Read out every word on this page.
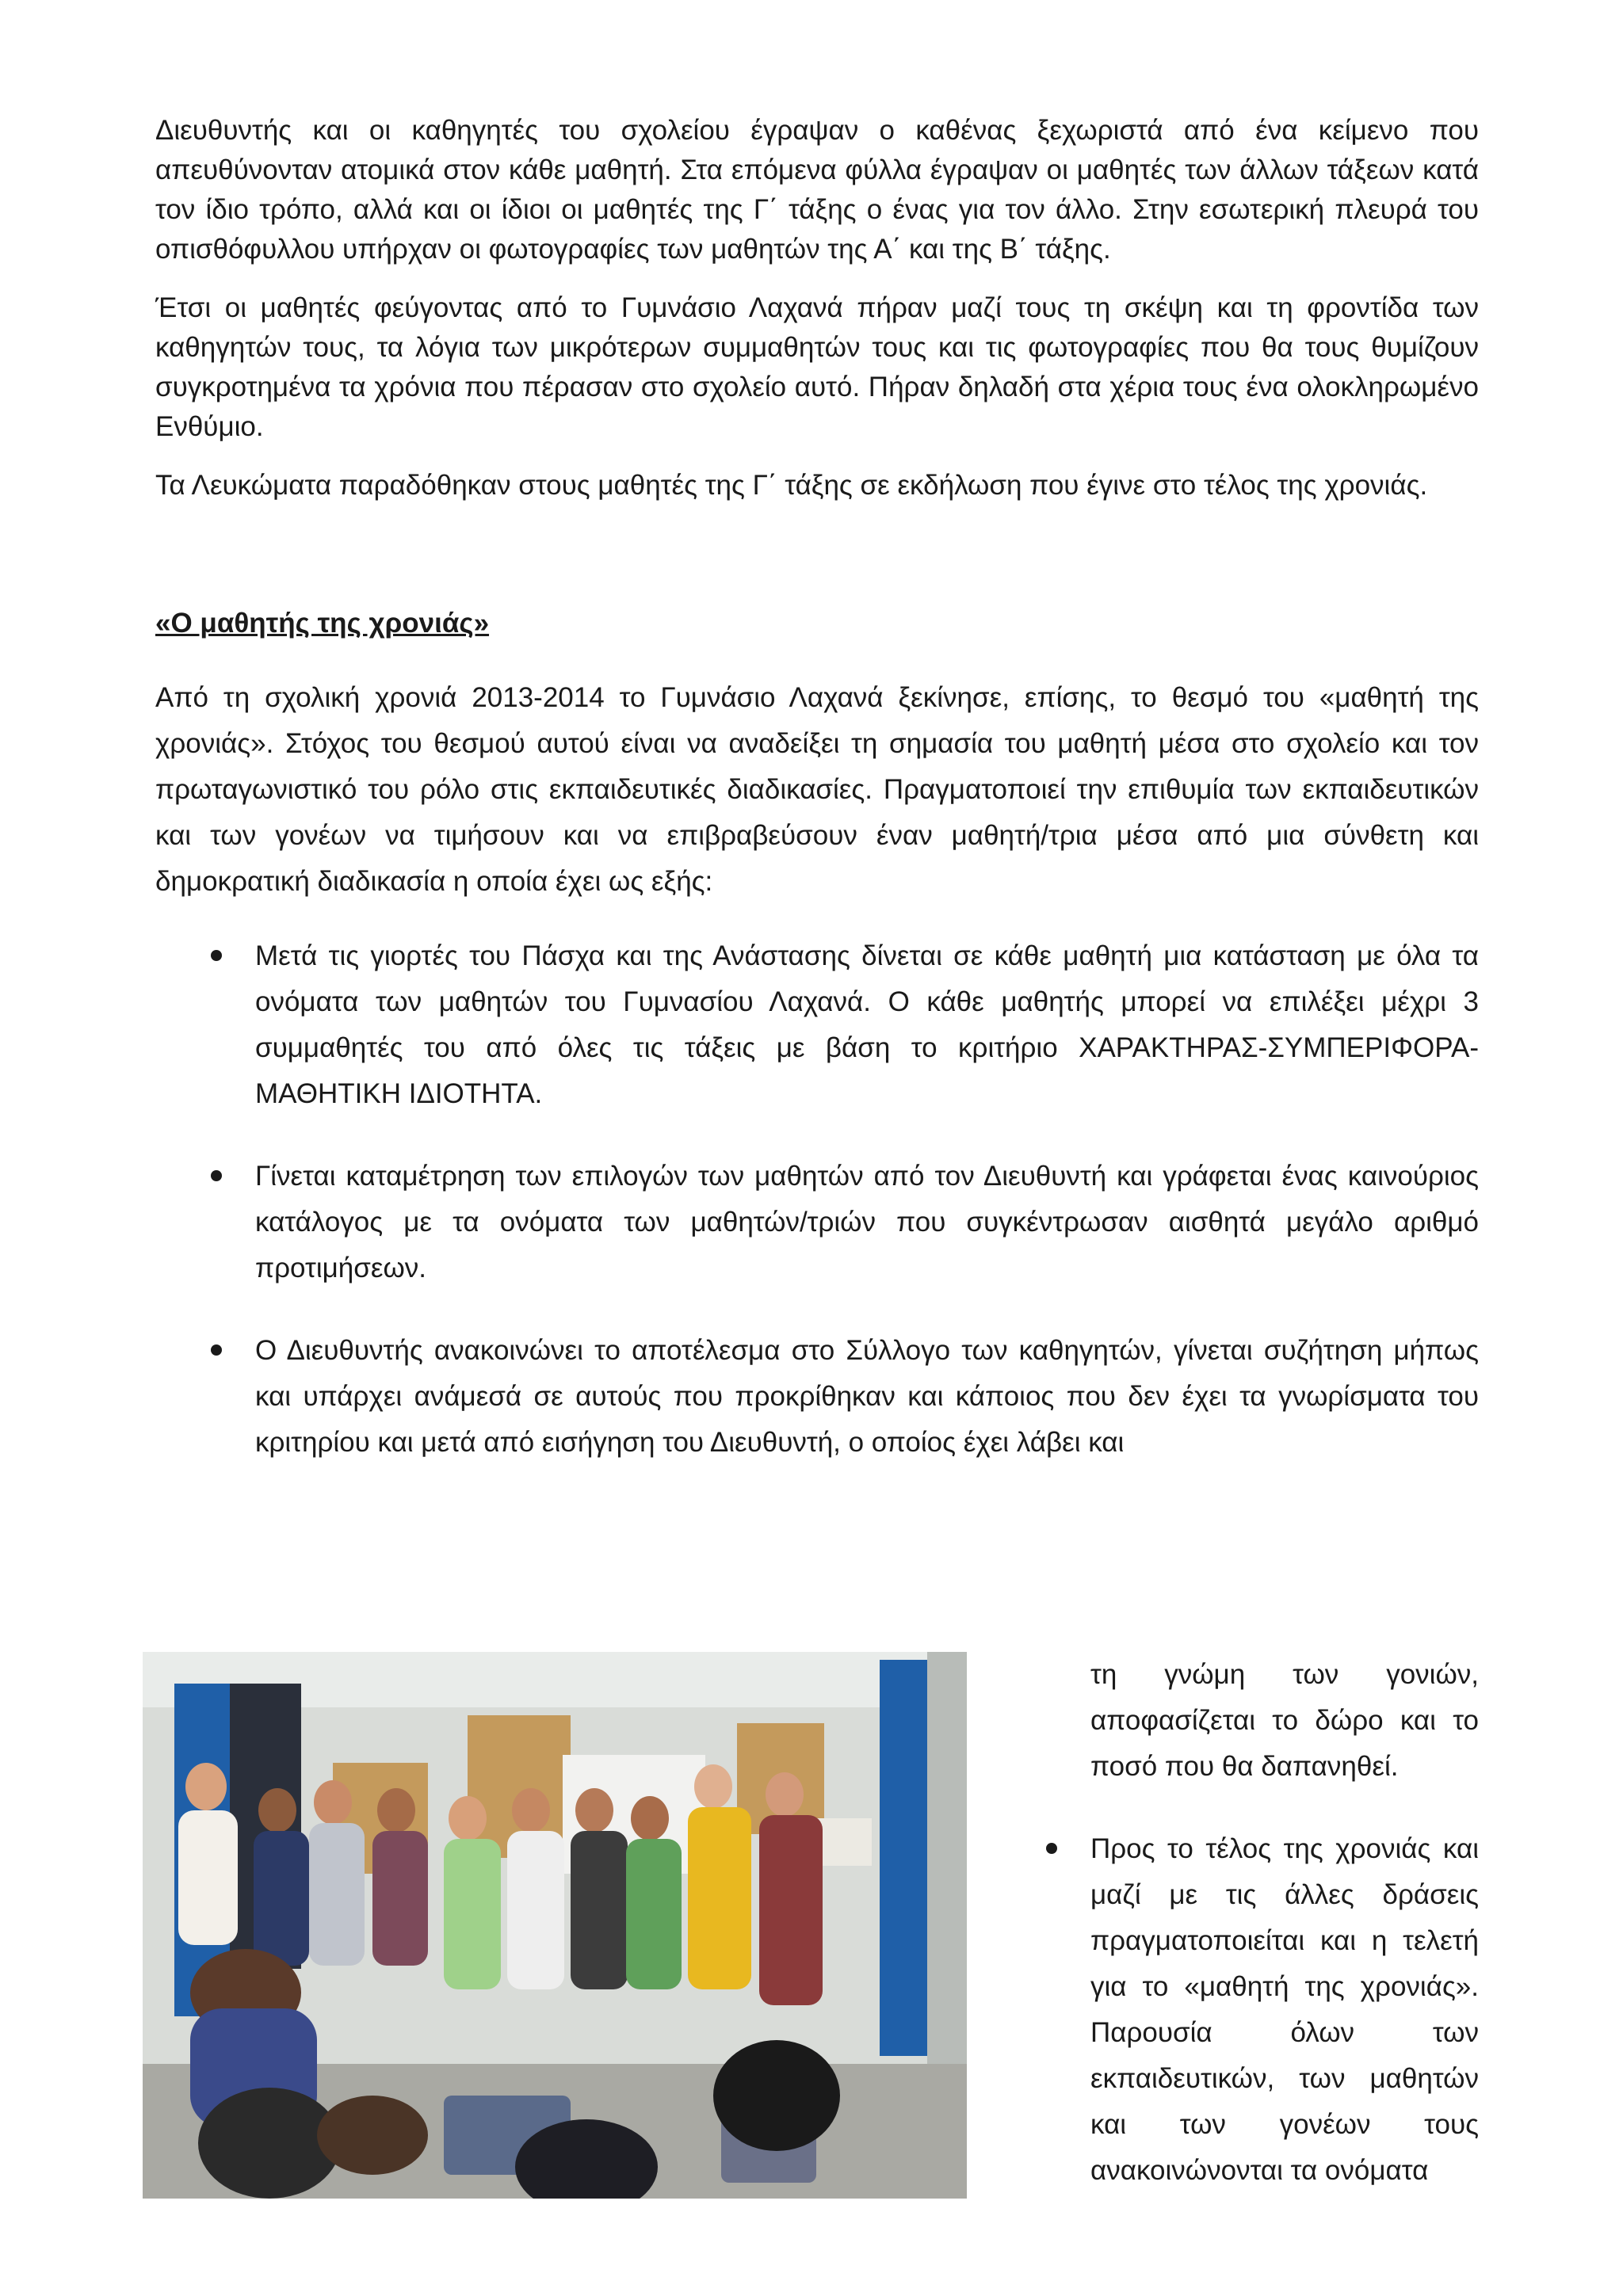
Διευθυντής και οι καθηγητές του σχολείου έγραψαν ο καθένας ξεχωριστά από ένα κείμενο που απευθύνονταν ατομικά στον κάθε μαθητή. Στα επόμενα φύλλα έγραψαν οι μαθητές των άλλων τάξεων κατά τον ίδιο τρόπο, αλλά και οι ίδιοι οι μαθητές της Γ΄ τάξης ο ένας για τον άλλο. Στην εσωτερική πλευρά του οπισθόφυλλου υπήρχαν οι φωτογραφίες των μαθητών της Α΄ και της Β΄ τάξης.

Έτσι οι μαθητές φεύγοντας από το Γυμνάσιο Λαχανά πήραν μαζί τους τη σκέψη και τη φροντίδα των καθηγητών τους, τα λόγια των μικρότερων συμμαθητών τους και τις φωτογραφίες που θα τους θυμίζουν συγκροτημένα τα χρόνια που πέρασαν στο σχολείο αυτό. Πήραν δηλαδή στα χέρια τους ένα ολοκληρωμένο Ενθύμιο.

Τα Λευκώματα παραδόθηκαν στους μαθητές της Γ΄ τάξης σε εκδήλωση που έγινε στο τέλος της χρονιάς.

«Ο μαθητής της χρονιάς»

Από τη σχολική χρονιά 2013-2014 το Γυμνάσιο Λαχανά ξεκίνησε, επίσης, το θεσμό του «μαθητή της χρονιάς». Στόχος του θεσμού αυτού είναι να αναδείξει τη σημασία του μαθητή μέσα στο σχολείο και τον πρωταγωνιστικό του ρόλο στις εκπαιδευτικές διαδικασίες. Πραγματοποιεί την επιθυμία των εκπαιδευτικών και των γονέων να τιμήσουν και να επιβραβεύσουν έναν μαθητή/τρια μέσα από μια σύνθετη και δημοκρατική διαδικασία η οποία έχει ως εξής:

Μετά τις γιορτές του Πάσχα και της Ανάστασης δίνεται σε κάθε μαθητή μια κατάσταση με όλα τα ονόματα των μαθητών του Γυμνασίου Λαχανά. Ο κάθε μαθητής μπορεί να επιλέξει μέχρι 3 συμμαθητές του από όλες τις τάξεις με βάση το κριτήριο ΧΑΡΑΚΤΗΡΑΣ-ΣΥΜΠΕΡΙΦΟΡΑ-ΜΑΘΗΤΙΚΗ ΙΔΙΟΤΗΤΑ.
Γίνεται καταμέτρηση των επιλογών των μαθητών από τον Διευθυντή και γράφεται ένας καινούριος κατάλογος με τα ονόματα των μαθητών/τριών που συγκέντρωσαν αισθητά μεγάλο αριθμό προτιμήσεων.
Ο Διευθυντής ανακοινώνει το αποτέλεσμα στο Σύλλογο των καθηγητών, γίνεται συζήτηση μήπως και υπάρχει ανάμεσά σε αυτούς που προκρίθηκαν και κάποιος που δεν έχει τα γνωρίσματα του κριτηρίου και μετά από εισήγηση του Διευθυντή, ο οποίος έχει λάβει και

τη γνώμη των γονιών, αποφασίζεται το δώρο και το ποσό που θα δαπανηθεί.

Προς το τέλος της χρονιάς και μαζί με τις άλλες δράσεις πραγματοποιείται και η τελετή για το «μαθητή της χρονιάς». Παρουσία όλων των εκπαιδευτικών, των μαθητών και των γονέων τους ανακοινώνονται τα ονόματα
